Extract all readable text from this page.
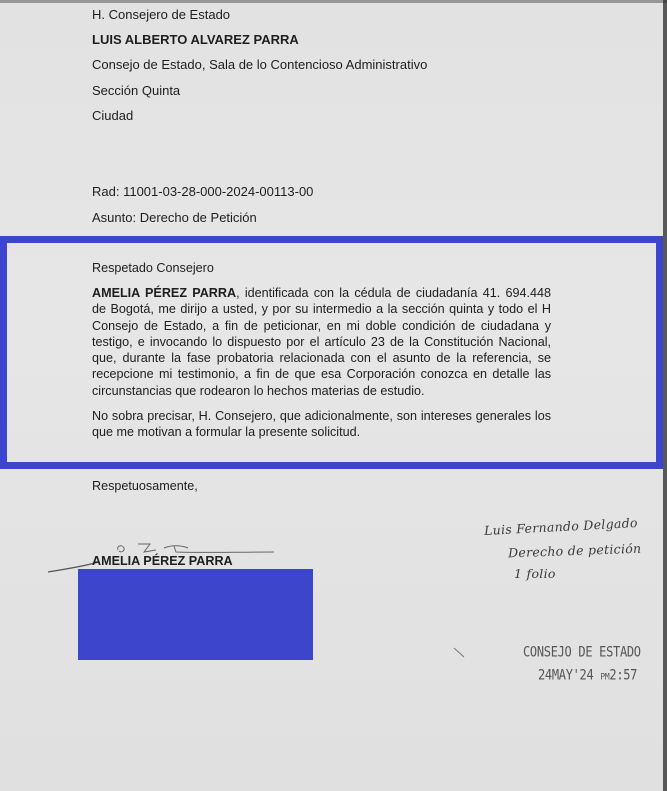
H. Consejero de Estado
LUIS ALBERTO ALVAREZ PARRA
Consejo de Estado, Sala de lo Contencioso Administrativo
Sección Quinta
Ciudad
Rad: 11001-03-28-000-2024-00113-00
Asunto: Derecho de Petición
Respetado Consejero

AMELIA PÉREZ PARRA, identificada con la cédula de ciudadanía 41. 694.448 de Bogotá, me dirijo a usted, y por su intermedio a la sección quinta y todo el H Consejo de Estado, a fin de peticionar, en mi doble condición de ciudadana y testigo, e invocando lo dispuesto por el artículo 23 de la Constitución Nacional, que, durante la fase probatoria relacionada con el asunto de la referencia, se recepcione mi testimonio, a fin de que esa Corporación conozca en detalle las circunstancias que rodearon lo hechos materias de estudio.

No sobra precisar, H. Consejero, que adicionalmente, son intereses generales los que me motivan a formular la presente solicitud.

Respetuosamente,
AMELIA PÉREZ PARRA
Luis Fernando Delgado
Derecho de petición
1 folio
CONSEJO DE ESTADO
24MAY'24 PM2:57
